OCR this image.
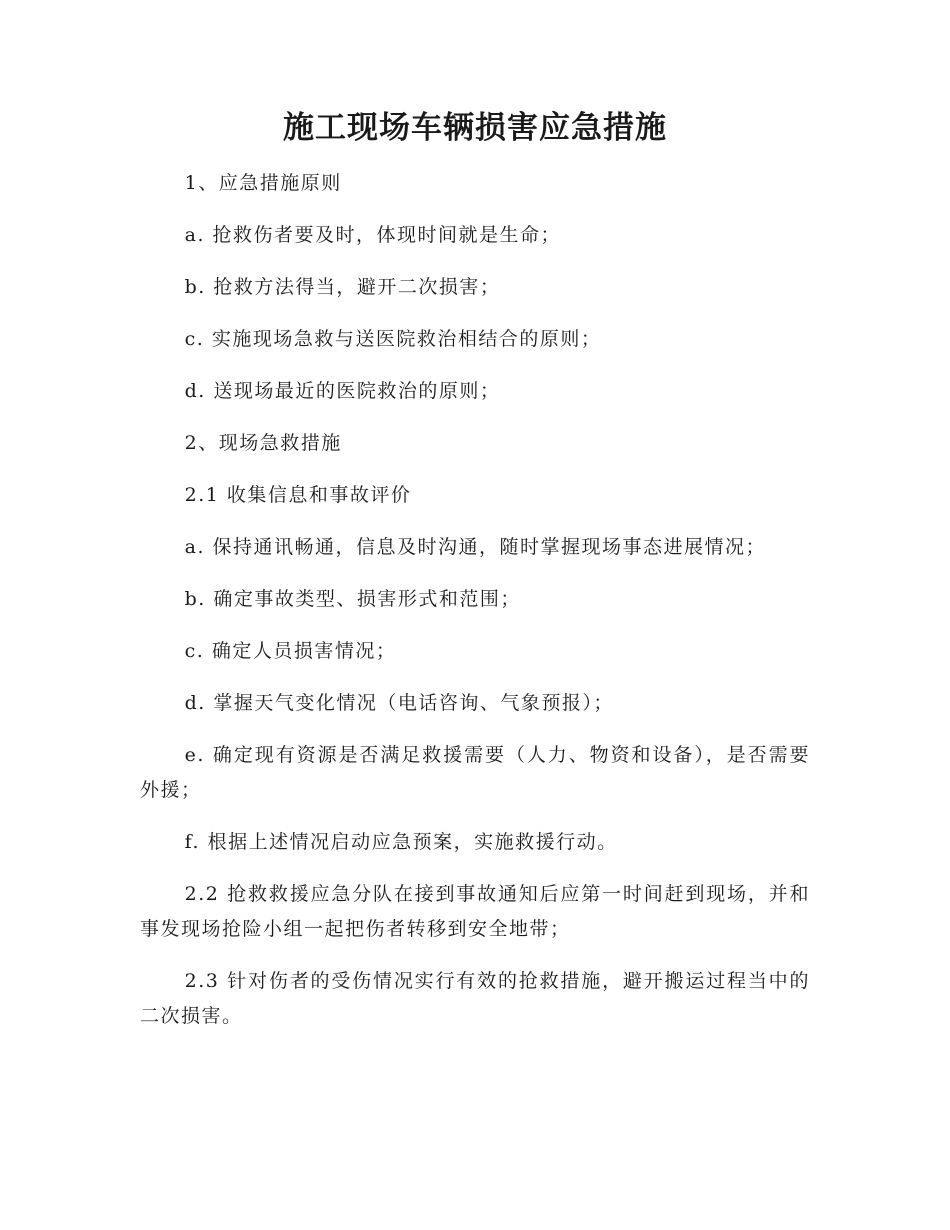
施工现场车辆损害应急措施

1、应急措施原则

a. 抢救伤者要及时，体现时间就是生命；

b. 抢救方法得当，避开二次损害；

c. 实施现场急救与送医院救治相结合的原则；

d. 送现场最近的医院救治的原则；

2、现场急救措施

2.1 收集信息和事故评价

a. 保持通讯畅通，信息及时沟通，随时掌握现场事态进展情况；

b. 确定事故类型、损害形式和范围；

c. 确定人员损害情况；

d. 掌握天气变化情况（电话咨询、气象预报）；

e. 确定现有资源是否满足救援需要（人力、物资和设备），是否需要外援；

f. 根据上述情况启动应急预案，实施救援行动。

2.2 抢救救援应急分队在接到事故通知后应第一时间赶到现场，并和事发现场抢险小组一起把伤者转移到安全地带；

2.3 针对伤者的受伤情况实行有效的抢救措施，避开搬运过程当中的二次损害。
